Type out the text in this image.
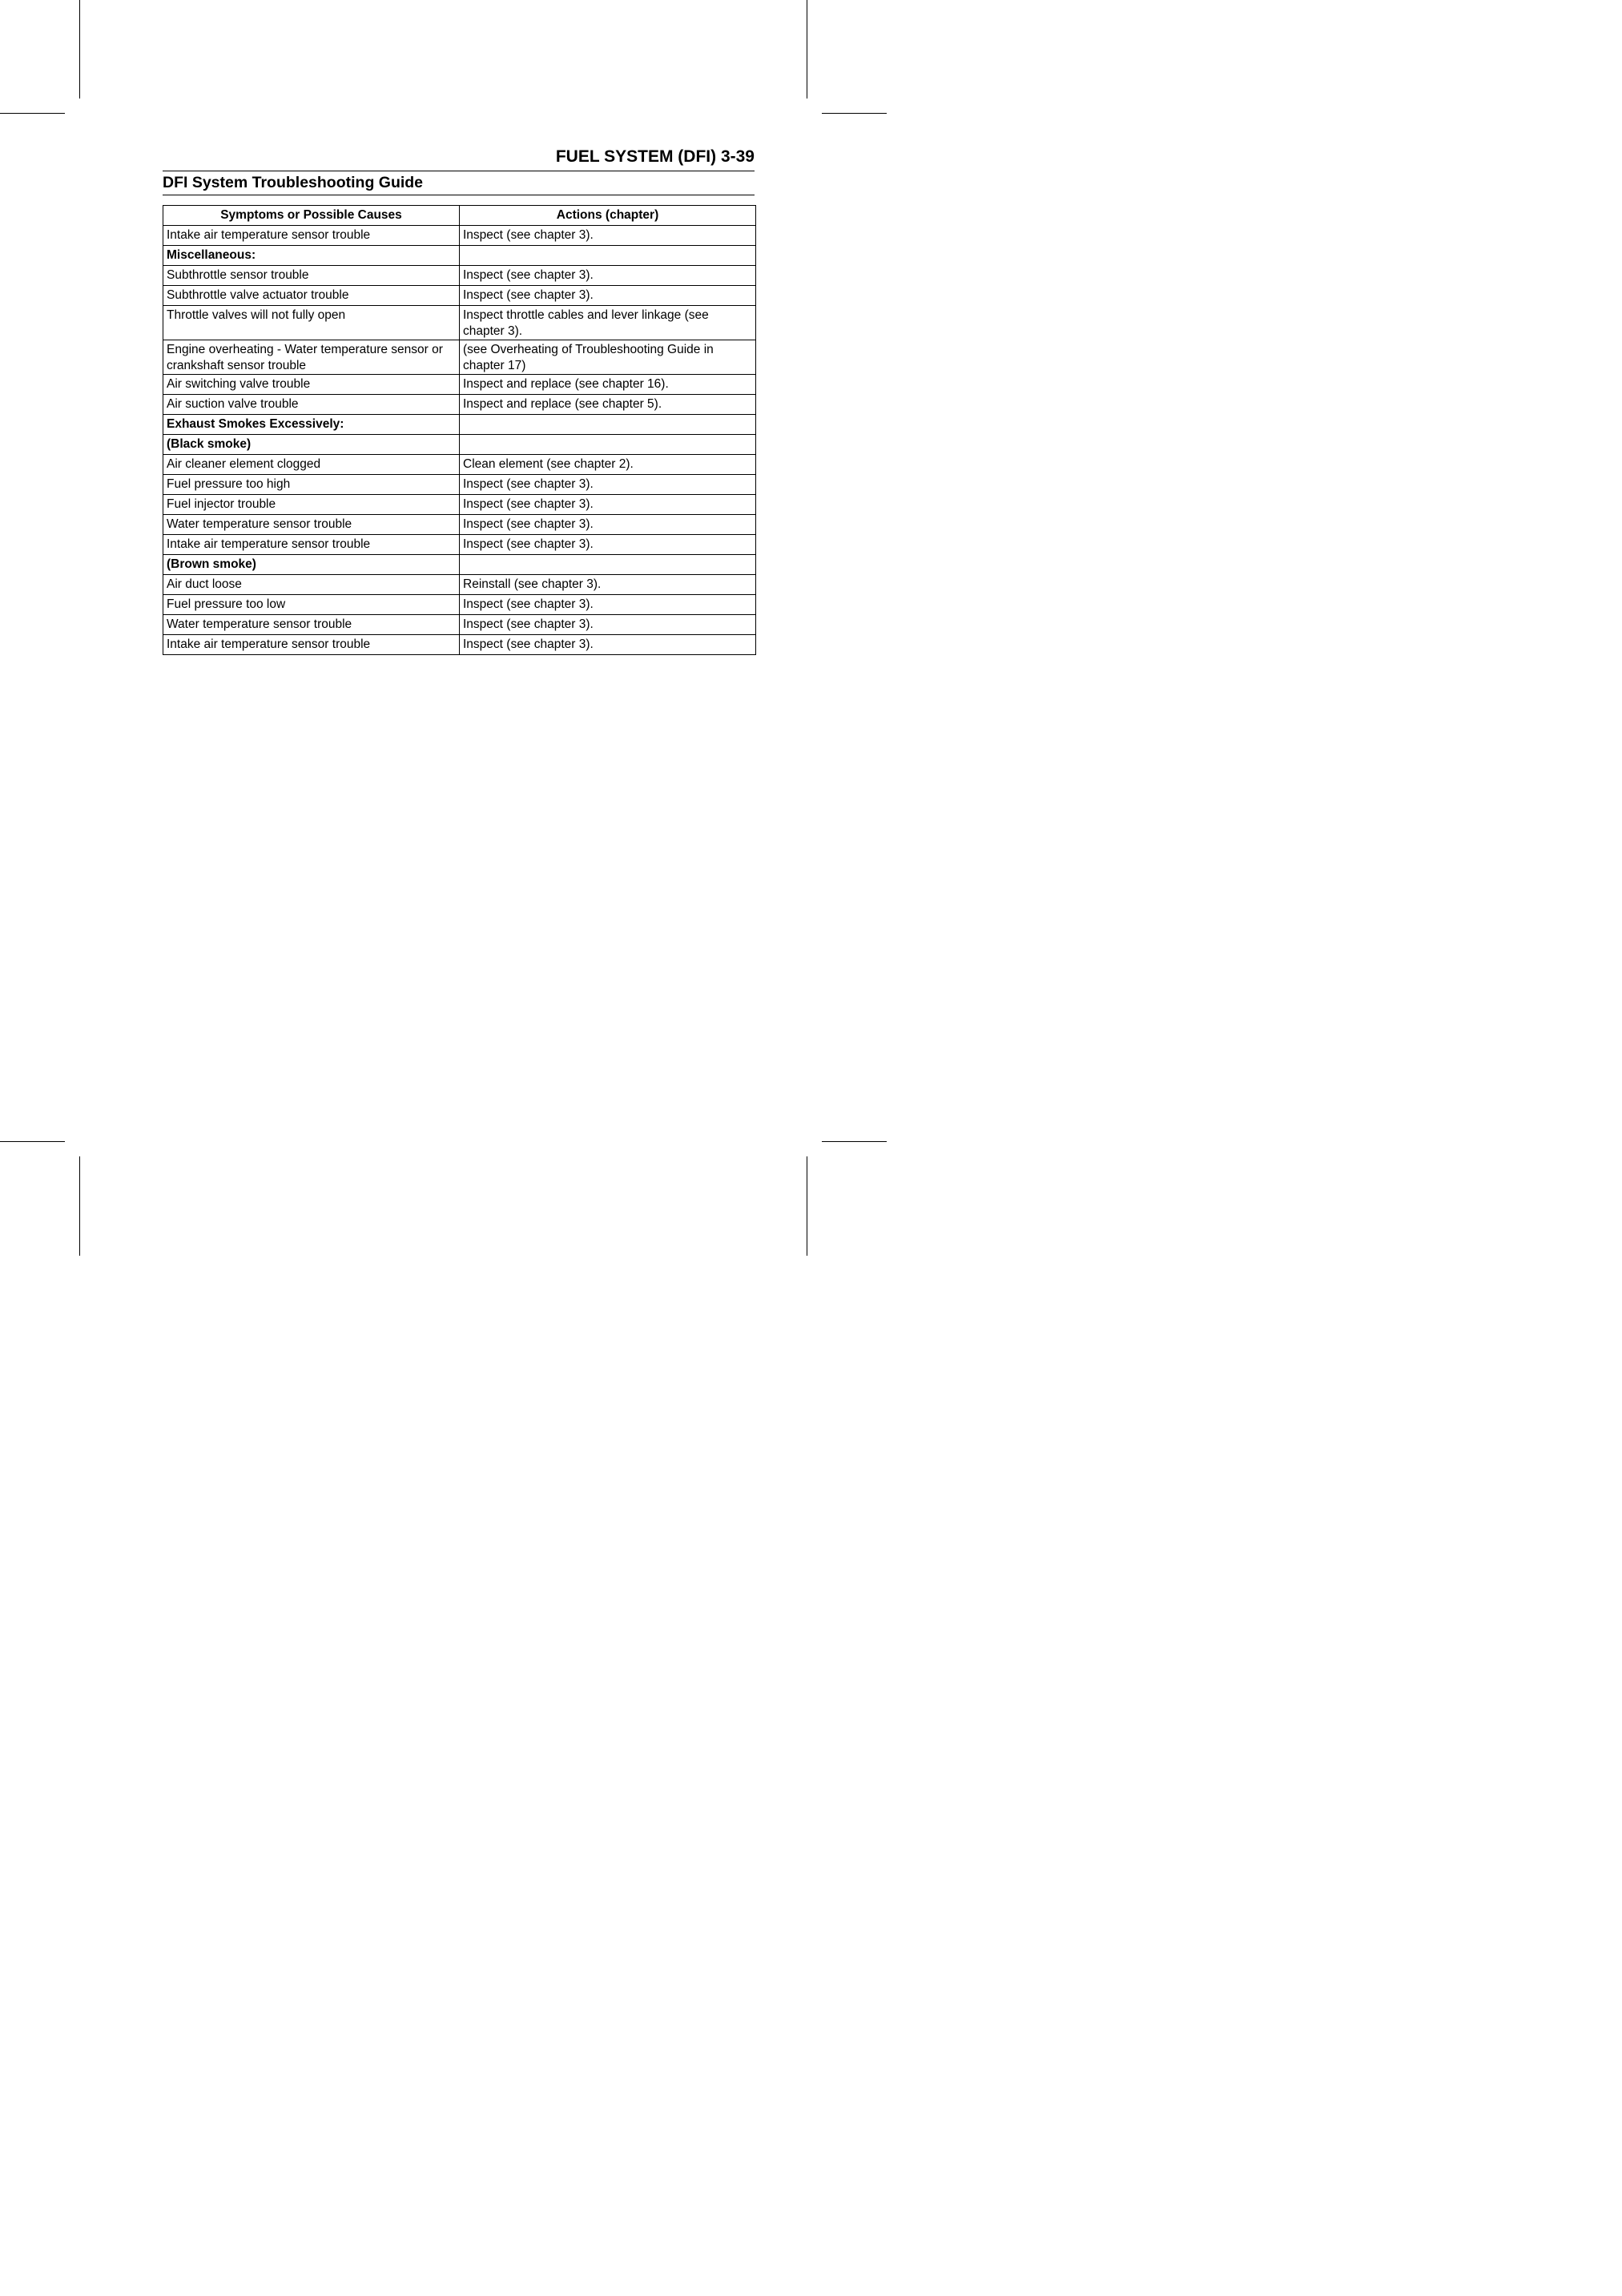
FUEL SYSTEM (DFI) 3-39
DFI System Troubleshooting Guide
Symptoms or Possible Causes	Actions (chapter)
Intake air temperature sensor trouble	Inspect (see chapter 3).
Miscellaneous:	
Subthrottle sensor trouble	Inspect (see chapter 3).
Subthrottle valve actuator trouble	Inspect (see chapter 3).
Throttle valves will not fully open	Inspect throttle cables and lever linkage (see chapter 3).
Engine overheating - Water temperature sensor or crankshaft sensor trouble	(see Overheating of Troubleshooting Guide in chapter 17)
Air switching valve trouble	Inspect and replace (see chapter 16).
Air suction valve trouble	Inspect and replace (see chapter 5).
Exhaust Smokes Excessively:	
(Black smoke)	
Air cleaner element clogged	Clean element (see chapter 2).
Fuel pressure too high	Inspect (see chapter 3).
Fuel injector trouble	Inspect (see chapter 3).
Water temperature sensor trouble	Inspect (see chapter 3).
Intake air temperature sensor trouble	Inspect (see chapter 3).
(Brown smoke)	
Air duct loose	Reinstall (see chapter 3).
Fuel pressure too low	Inspect (see chapter 3).
Water temperature sensor trouble	Inspect (see chapter 3).
Intake air temperature sensor trouble	Inspect (see chapter 3).
